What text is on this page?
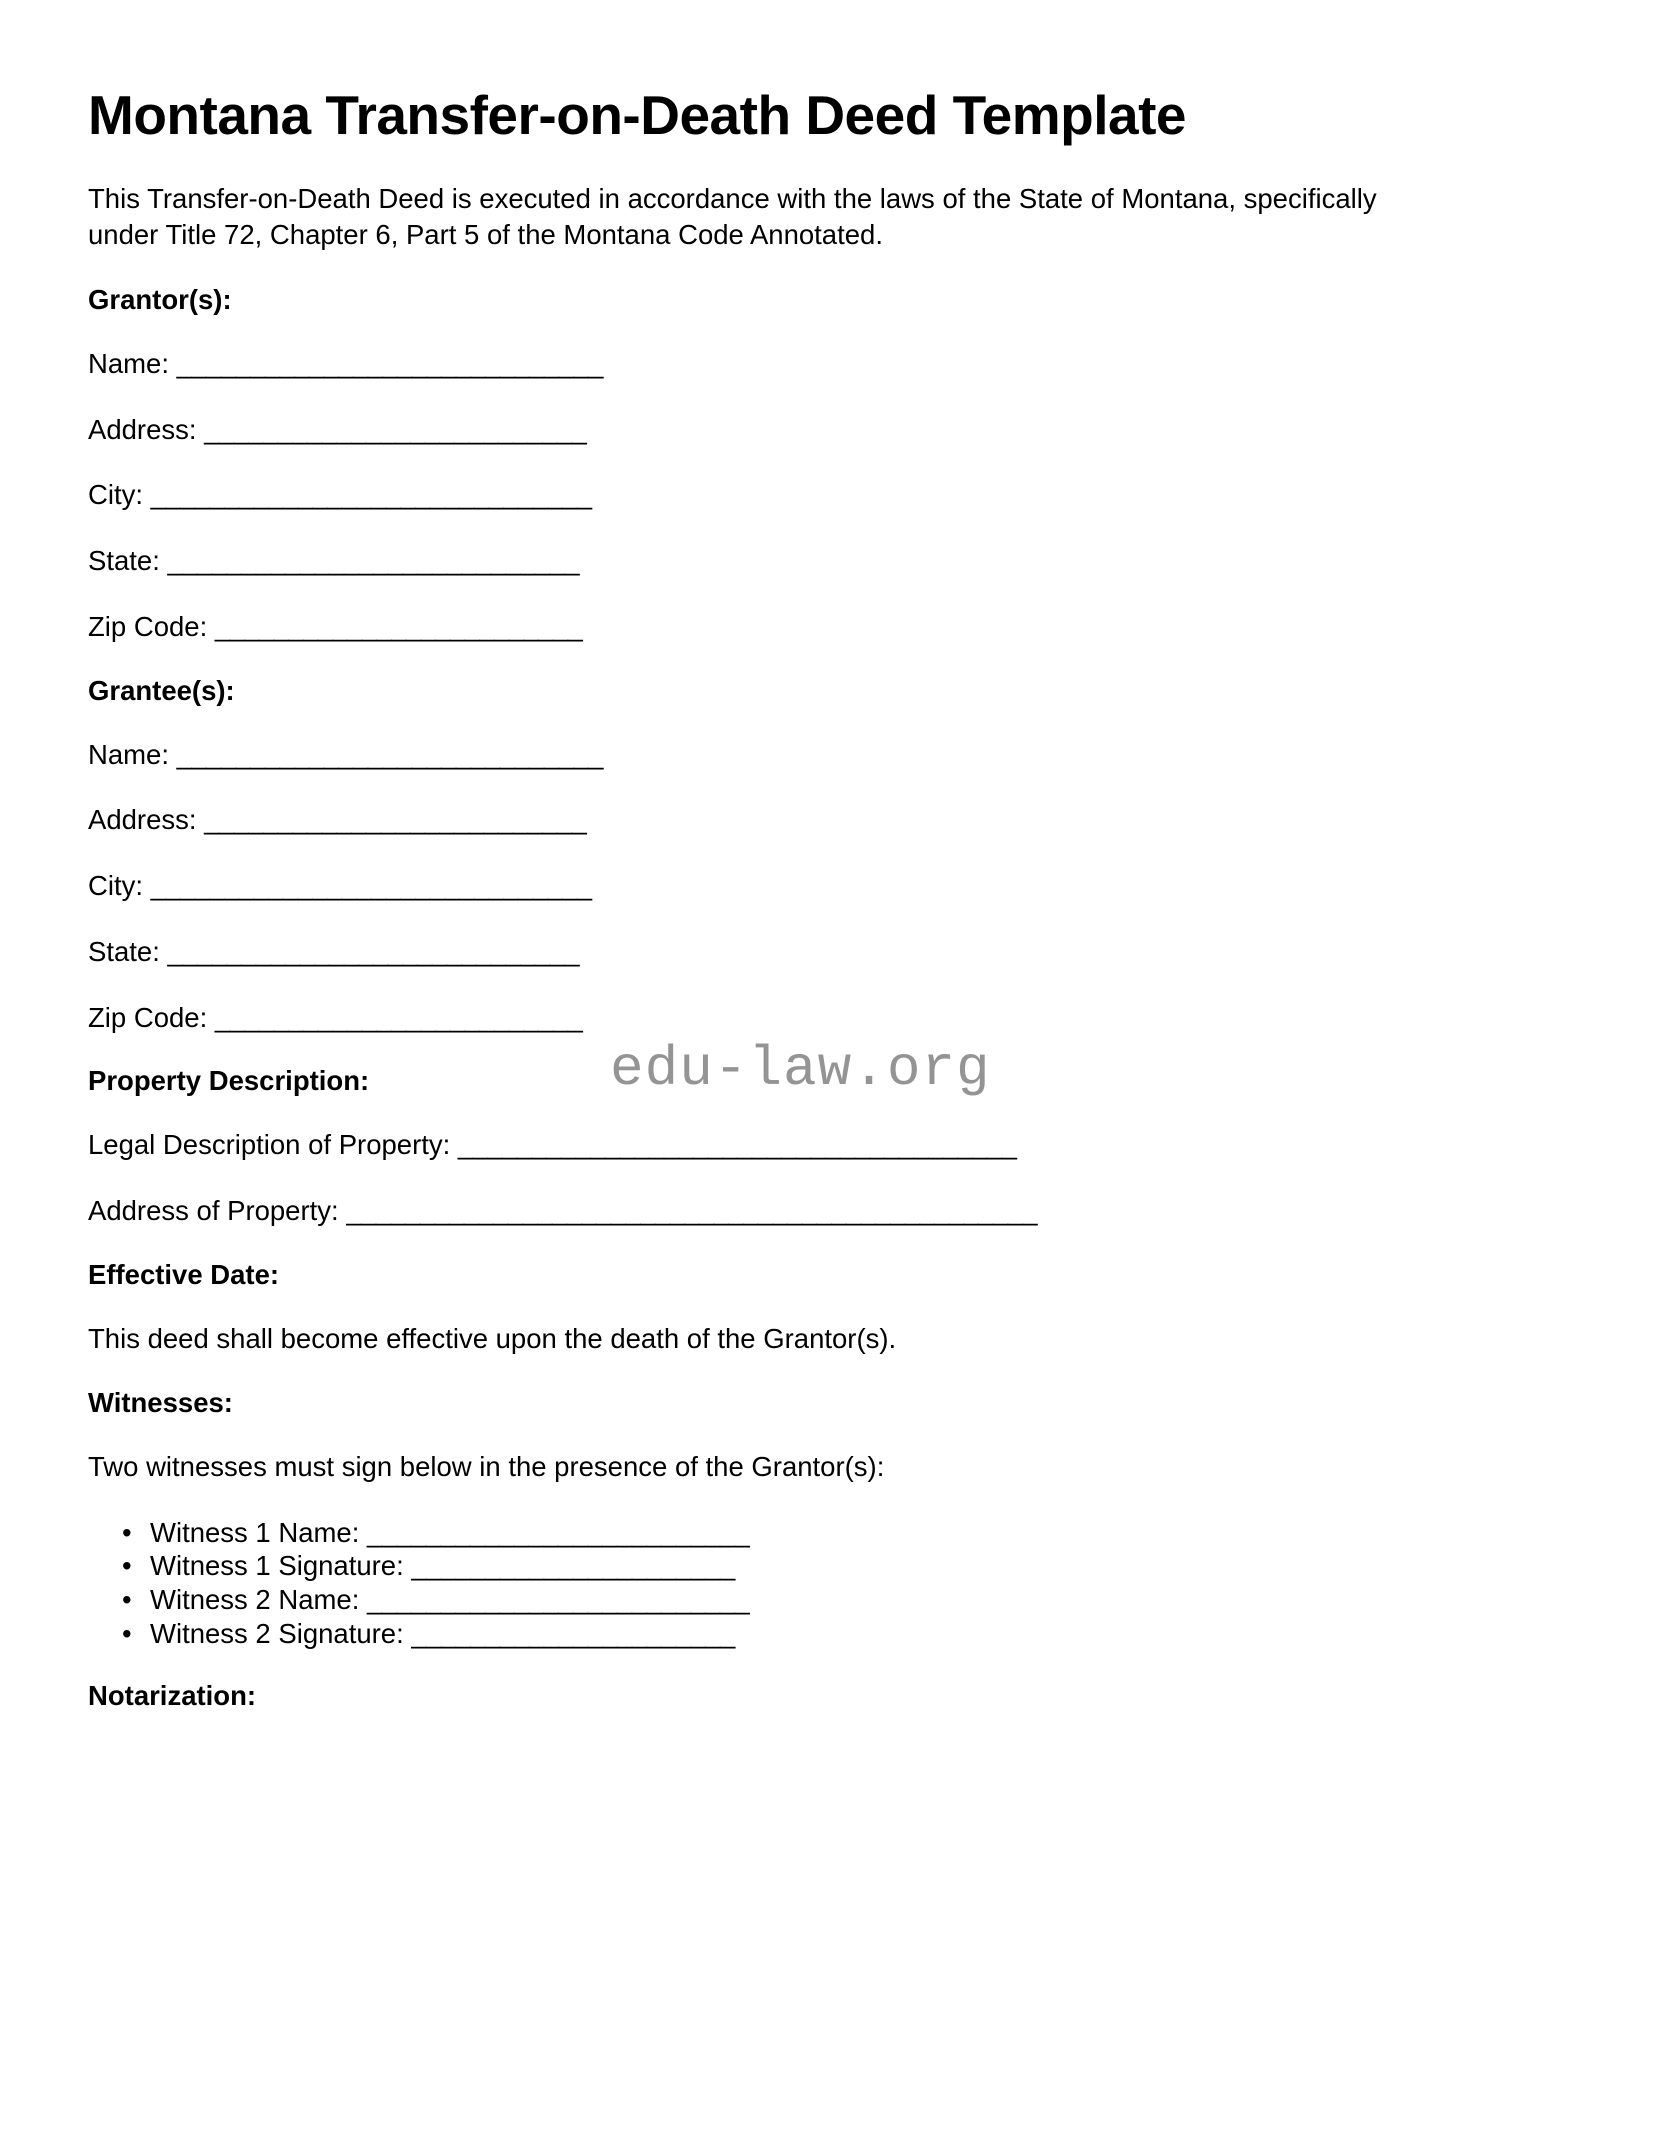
edu-law.org
Montana Transfer-on-Death Deed Template

This Transfer-on-Death Deed is executed in accordance with the laws of the State of Montana, specifically under Title 72, Chapter 6, Part 5 of the Montana Code Annotated.

Grantor(s):
Name: _____________________________
Address: __________________________
City: ______________________________
State: ____________________________
Zip Code: _________________________
Grantee(s):
Name: _____________________________
Address: __________________________
City: ______________________________
State: ____________________________
Zip Code: _________________________
Property Description:
Legal Description of Property: ______________________________________
Address of Property: _______________________________________________
Effective Date:

This deed shall become effective upon the death of the Grantor(s).

Witnesses:

Two witnesses must sign below in the presence of the Grantor(s):

• Witness 1 Name: __________________________
• Witness 1 Signature: ______________________
• Witness 2 Name: __________________________
• Witness 2 Signature: ______________________
Notarization:
